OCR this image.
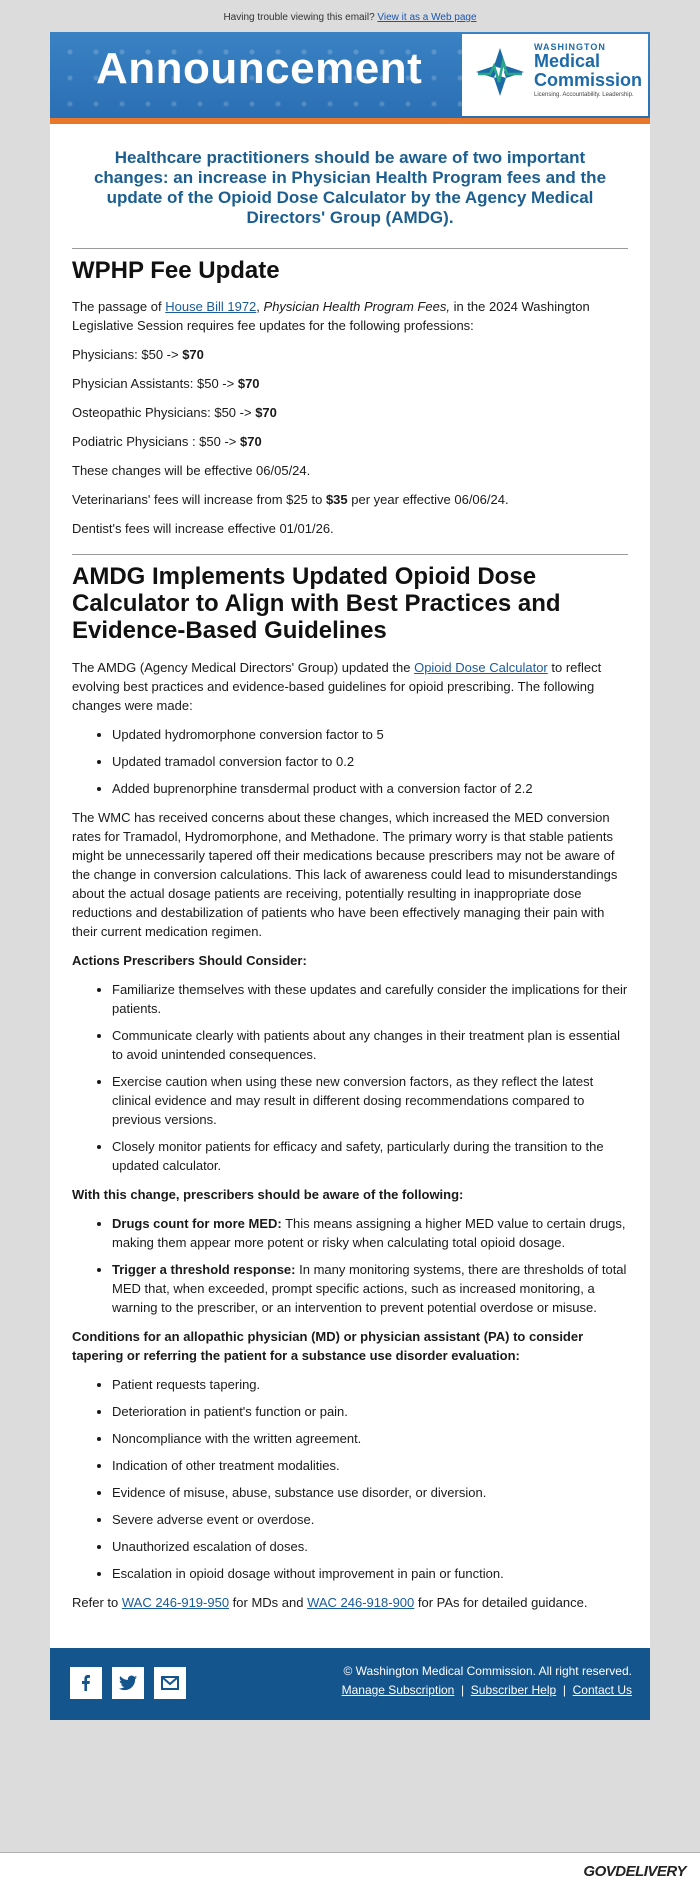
Having trouble viewing this email? View it as a Web page
Announcement	WASHINGTON
Medical
Commission
Licensing. Accountability. Leadership.
Healthcare practitioners should be aware of two important changes: an increase in Physician Health Program fees and the update of the Opioid Dose Calculator by the Agency Medical Directors' Group (AMDG).
WPHP Fee Update

The passage of House Bill 1972, Physician Health Program Fees, in the 2024 Washington Legislative Session requires fee updates for the following professions:

Physicians: $50 -> $70

Physician Assistants: $50 -> $70

Osteopathic Physicians: $50 -> $70

Podiatric Physicians : $50 -> $70

These changes will be effective 06/05/24.

Veterinarians' fees will increase from $25 to $35 per year effective 06/06/24.

Dentist's fees will increase effective 01/01/26.

AMDG Implements Updated Opioid Dose Calculator to Align with Best Practices and Evidence-Based Guidelines

The AMDG (Agency Medical Directors' Group) updated the Opioid Dose Calculator to reflect evolving best practices and evidence-based guidelines for opioid prescribing. The following changes were made:

• Updated hydromorphone conversion factor to 5
• Updated tramadol conversion factor to 0.2
• Added buprenorphine transdermal product with a conversion factor of 2.2

The WMC has received concerns about these changes, which increased the MED conversion rates for Tramadol, Hydromorphone, and Methadone. The primary worry is that stable patients might be unnecessarily tapered off their medications because prescribers may not be aware of the change in conversion calculations. This lack of awareness could lead to misunderstandings about the actual dosage patients are receiving, potentially resulting in inappropriate dose reductions and destabilization of patients who have been effectively managing their pain with their current medication regimen.

Actions Prescribers Should Consider:

• Familiarize themselves with these updates and carefully consider the implications for their patients.
• Communicate clearly with patients about any changes in their treatment plan is essential to avoid unintended consequences.
• Exercise caution when using these new conversion factors, as they reflect the latest clinical evidence and may result in different dosing recommendations compared to previous versions.
• Closely monitor patients for efficacy and safety, particularly during the transition to the updated calculator.

With this change, prescribers should be aware of the following:

• Drugs count for more MED: This means assigning a higher MED value to certain drugs, making them appear more potent or risky when calculating total opioid dosage.
• Trigger a threshold response: In many monitoring systems, there are thresholds of total MED that, when exceeded, prompt specific actions, such as increased monitoring, a warning to the prescriber, or an intervention to prevent potential overdose or misuse.

Conditions for an allopathic physician (MD) or physician assistant (PA) to consider tapering or referring the patient for a substance use disorder evaluation:

• Patient requests tapering.
• Deterioration in patient's function or pain.
• Noncompliance with the written agreement.
• Indication of other treatment modalities.
• Evidence of misuse, abuse, substance use disorder, or diversion.
• Severe adverse event or overdose.
• Unauthorized escalation of doses.
• Escalation in opioid dosage without improvement in pain or function.

Refer to WAC 246-919-950 for MDs and WAC 246-918-900 for PAs for detailed guidance.

© Washington Medical Commission. All right reserved.
Manage Subscription | Subscriber Help | Contact Us
GOVDELIVERY
